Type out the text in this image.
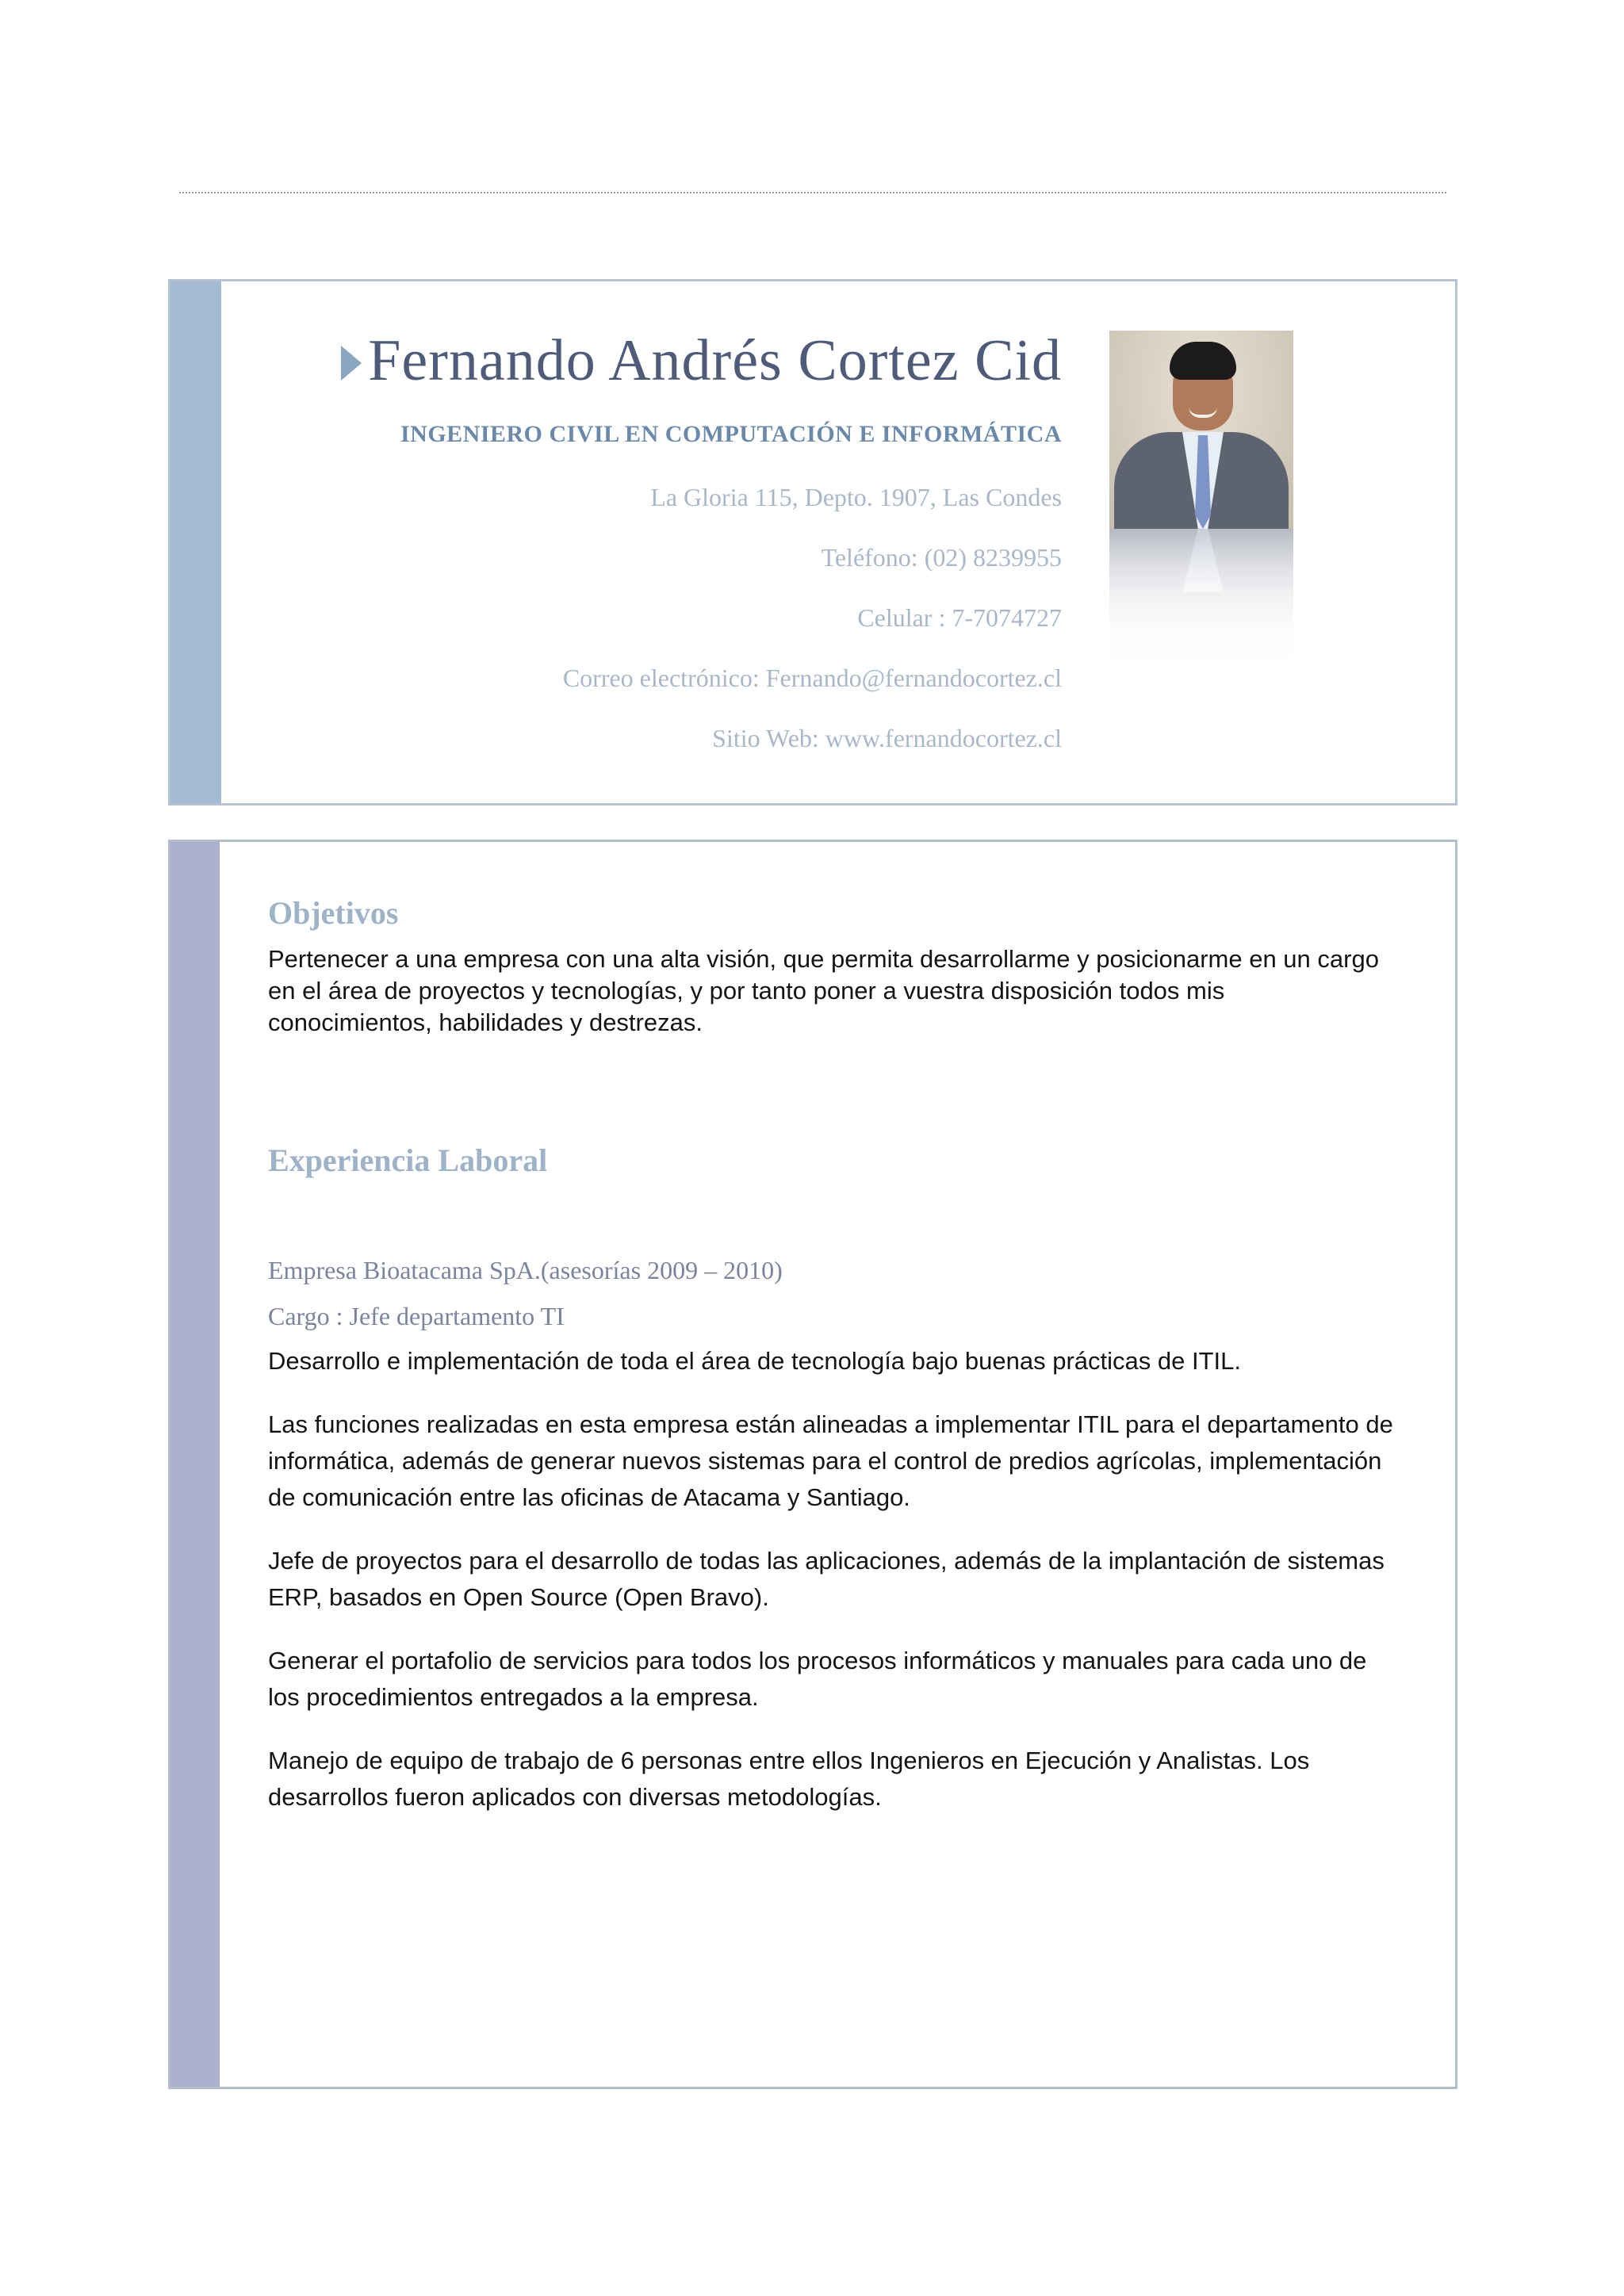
Fernando Andrés Cortez Cid
INGENIERO CIVIL EN COMPUTACIÓN E INFORMÁTICA
La Gloria 115, Depto. 1907, Las Condes
Teléfono: (02) 8239955
Celular : 7-7074727
Correo electrónico: Fernando@fernandocortez.cl
Sitio Web: www.fernandocortez.cl
Objetivos
Pertenecer a una empresa con una alta visión, que permita desarrollarme y posicionarme en un cargo
en el área de proyectos y tecnologías, y por tanto poner a vuestra disposición todos mis
conocimientos, habilidades y destrezas.
Experiencia Laboral
Empresa Bioatacama SpA.(asesorías 2009 – 2010)
Cargo : Jefe departamento TI
Desarrollo e implementación de toda el área de tecnología bajo buenas prácticas de ITIL.
Las funciones realizadas en esta empresa están alineadas a implementar ITIL para el departamento de
informática, además de generar nuevos sistemas para el control de predios agrícolas, implementación
de comunicación entre las oficinas de Atacama y Santiago.
Jefe de proyectos para el desarrollo de todas las aplicaciones, además de la implantación de sistemas
ERP, basados en Open Source (Open Bravo).
Generar el portafolio de servicios para todos los procesos informáticos y manuales para cada uno de
los procedimientos entregados a la empresa.
Manejo de equipo de trabajo de 6 personas entre ellos Ingenieros en Ejecución y Analistas. Los
desarrollos fueron aplicados con diversas metodologías.
